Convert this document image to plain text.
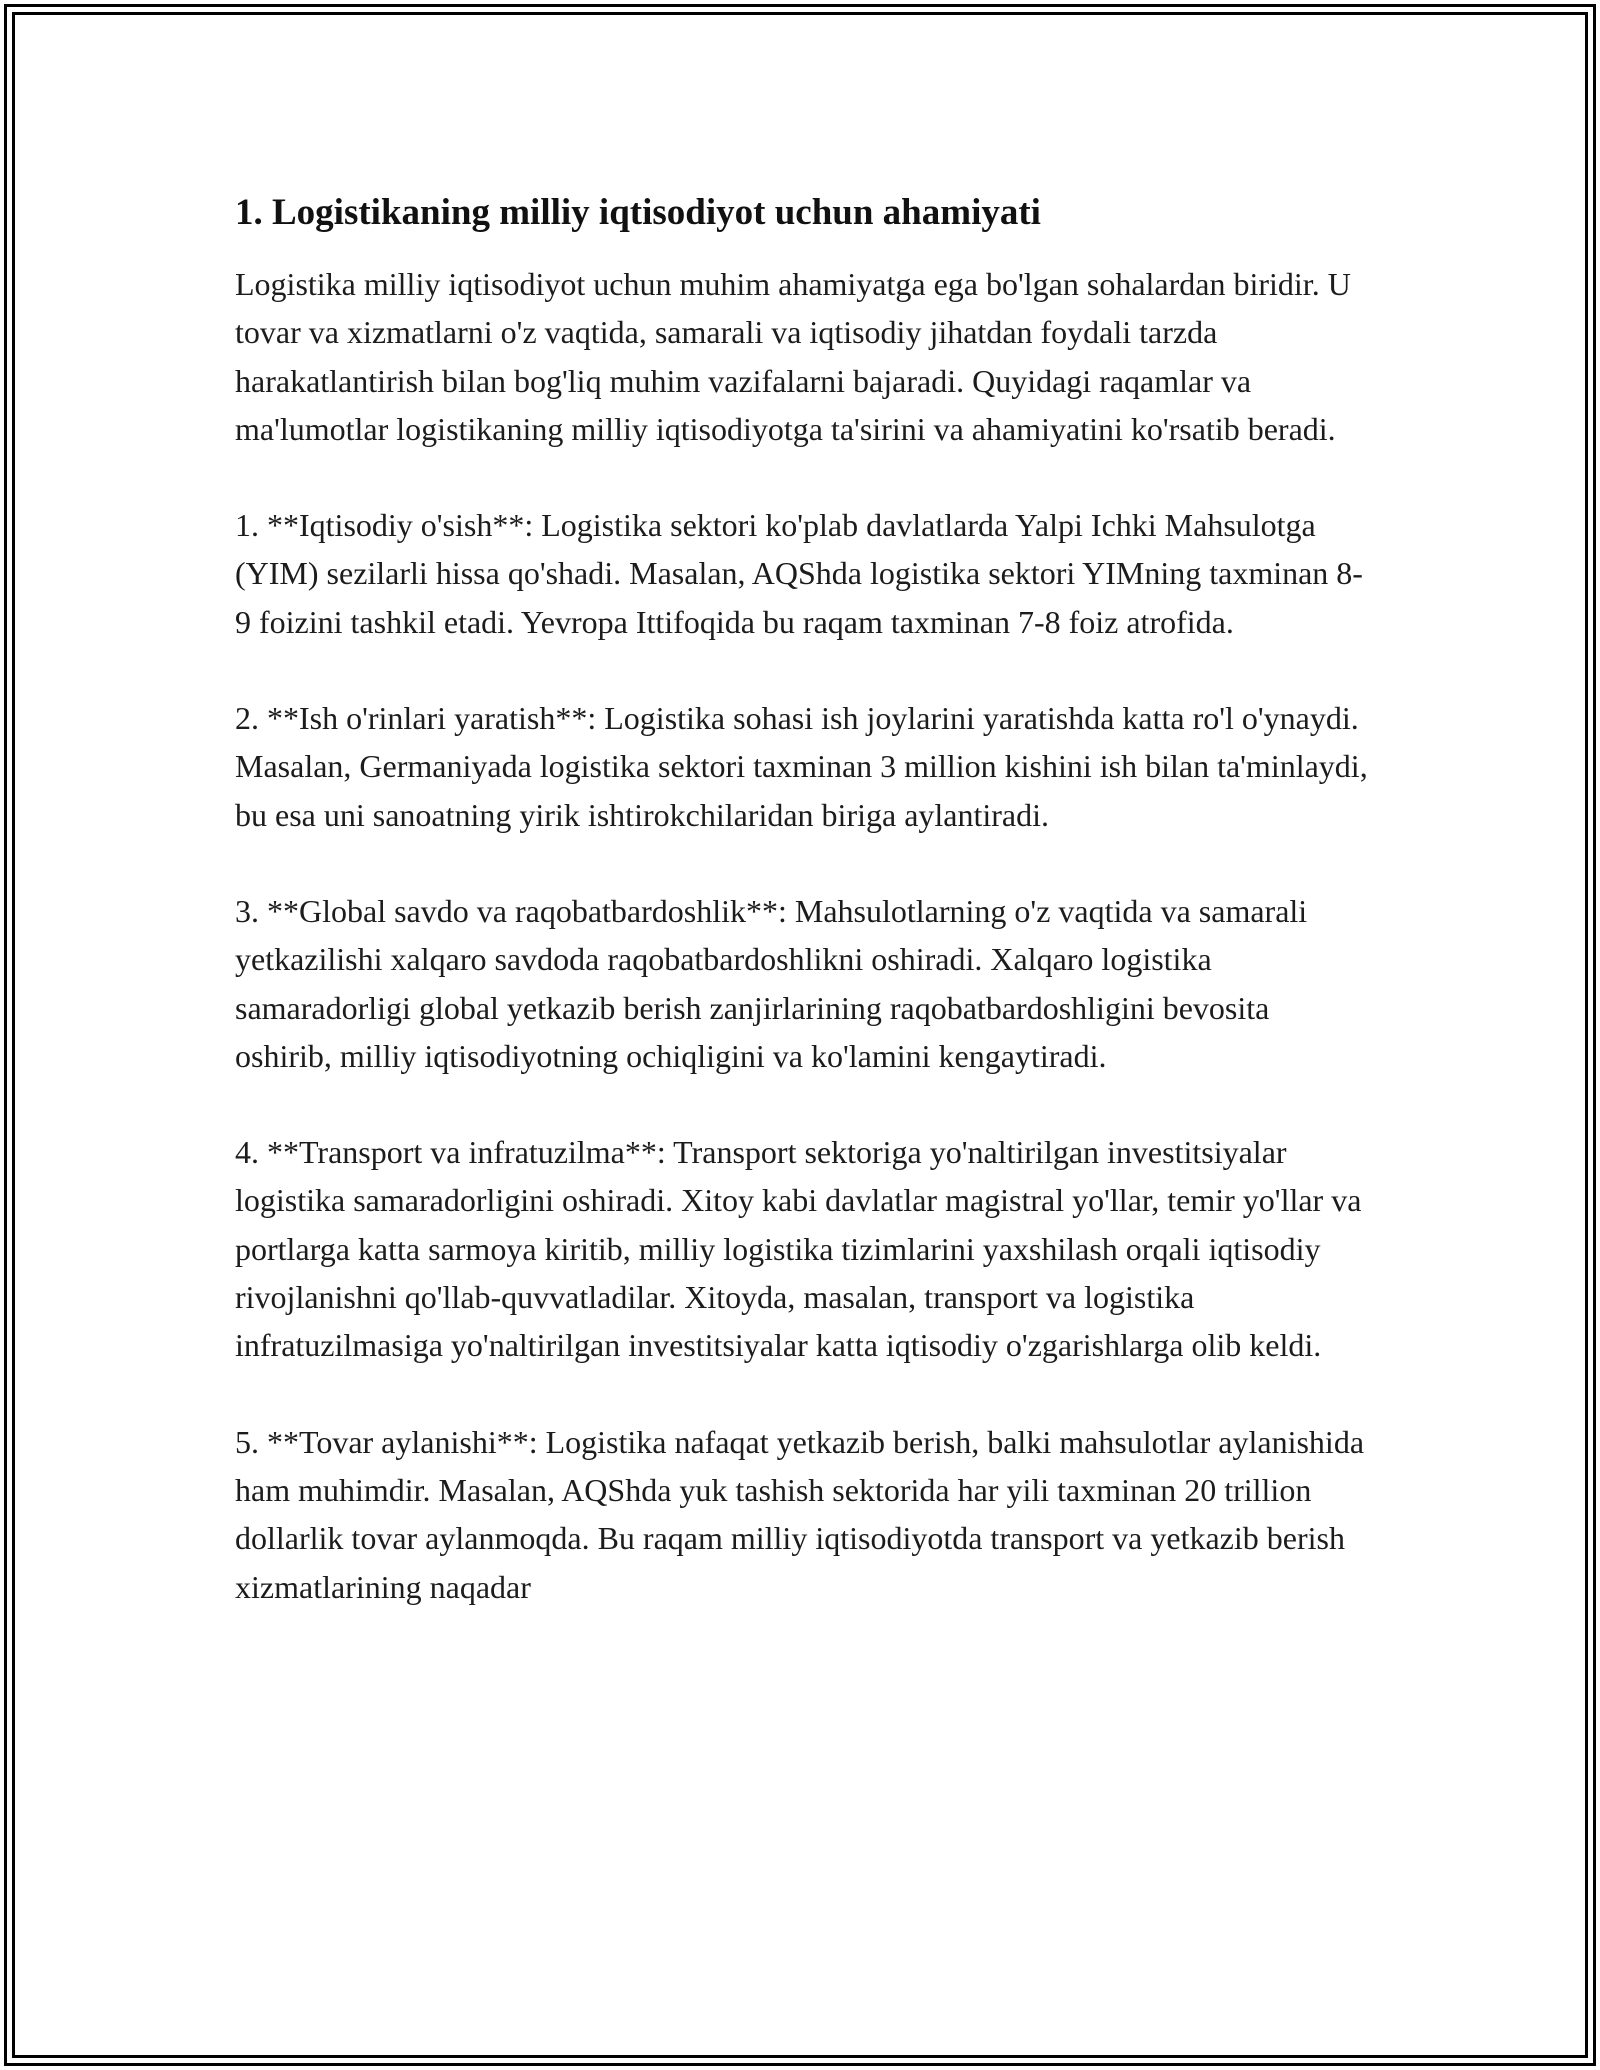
1. Logistikaning milliy iqtisodiyot uchun ahamiyati

Logistika milliy iqtisodiyot uchun muhim ahamiyatga ega bo'lgan sohalardan biridir. U tovar va xizmatlarni o'z vaqtida, samarali va iqtisodiy jihatdan foydali tarzda harakatlantirish bilan bog'liq muhim vazifalarni bajaradi. Quyidagi raqamlar va ma'lumotlar logistikaning milliy iqtisodiyotga ta'sirini va ahamiyatini ko'rsatib beradi.

1. **Iqtisodiy o'sish**: Logistika sektori ko'plab davlatlarda Yalpi Ichki Mahsulotga (YIM) sezilarli hissa qo'shadi. Masalan, AQShda logistika sektori YIMning taxminan 8-9 foizini tashkil etadi. Yevropa Ittifoqida bu raqam taxminan 7-8 foiz atrofida.

2. **Ish o'rinlari yaratish**: Logistika sohasi ish joylarini yaratishda katta ro'l o'ynaydi. Masalan, Germaniyada logistika sektori taxminan 3 million kishini ish bilan ta'minlaydi, bu esa uni sanoatning yirik ishtirokchilaridan biriga aylantiradi.

3. **Global savdo va raqobatbardoshlik**: Mahsulotlarning o'z vaqtida va samarali yetkazilishi xalqaro savdoda raqobatbardoshlikni oshiradi. Xalqaro logistika samaradorligi global yetkazib berish zanjirlarining raqobatbardoshligini bevosita oshirib, milliy iqtisodiyotning ochiqligini va ko'lamini kengaytiradi.

4. **Transport va infratuzilma**: Transport sektoriga yo'naltirilgan investitsiyalar logistika samaradorligini oshiradi. Xitoy kabi davlatlar magistral yo'llar, temir yo'llar va portlarga katta sarmoya kiritib, milliy logistika tizimlarini yaxshilash orqali iqtisodiy rivojlanishni qo'llab-quvvatladilar. Xitoyda, masalan, transport va logistika infratuzilmasiga yo'naltirilgan investitsiyalar katta iqtisodiy o'zgarishlarga olib keldi.

5. **Tovar aylanishi**: Logistika nafaqat yetkazib berish, balki mahsulotlar aylanishida ham muhimdir. Masalan, AQShda yuk tashish sektorida har yili taxminan 20 trillion dollarlik tovar aylanmoqda. Bu raqam milliy iqtisodiyotda transport va yetkazib berish xizmatlarining naqadar
